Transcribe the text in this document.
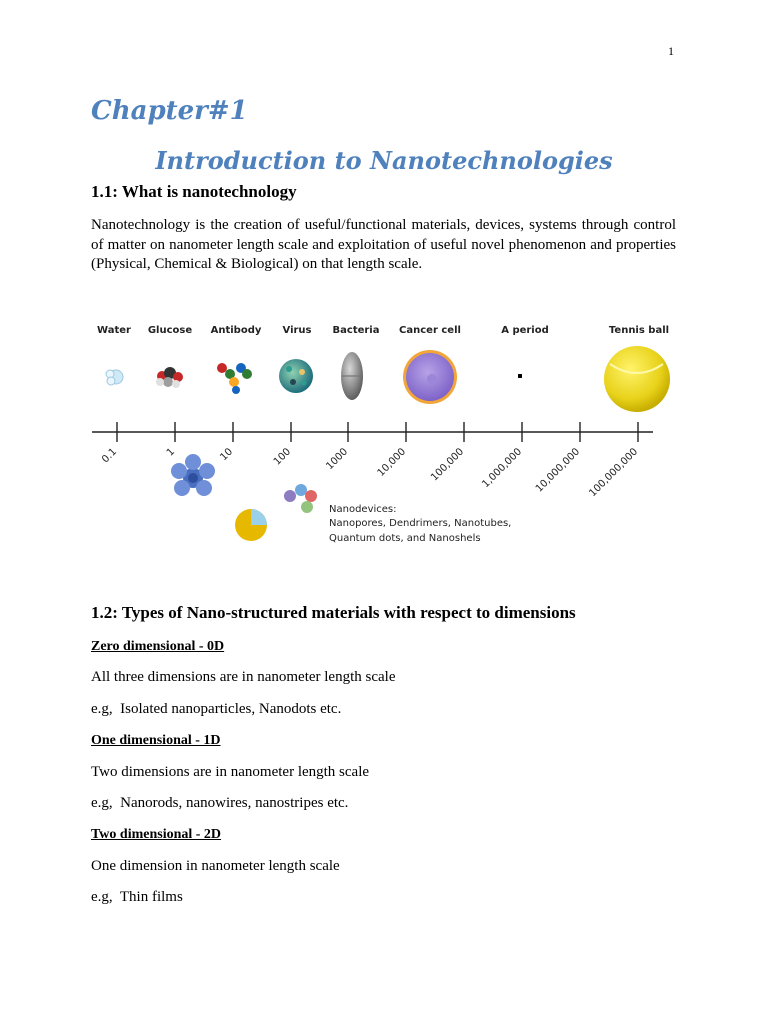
1
Chapter#1
Introduction to Nanotechnologies
1.1: What is nanotechnology

Nanotechnology is the creation of useful/functional materials, devices, systems through control of matter on nanometer length scale and exploitation of useful novel phenomenon and properties (Physical, Chemical & Biological) on that length scale.

Water Glucose Antibody Virus Bacteria Cancer cell	A period	Tennis ball
0.1	1	10	100	1000	10,000 100,000 1,000,000 10,000,000 100,000,000
Nanodevices:
Nanopores, Dendrimers, Nanotubes,
Quantum dots, and Nanoshels
1.2: Types of Nano-structured materials with respect to dimensions
Zero dimensional - 0D

All three dimensions are in nanometer length scale

e.g,  Isolated nanoparticles, Nanodots etc.

One dimensional - 1D

Two dimensions are in nanometer length scale

e.g,  Nanorods, nanowires, nanostripes etc.

Two dimensional - 2D

One dimension in nanometer length scale

e.g,  Thin films
